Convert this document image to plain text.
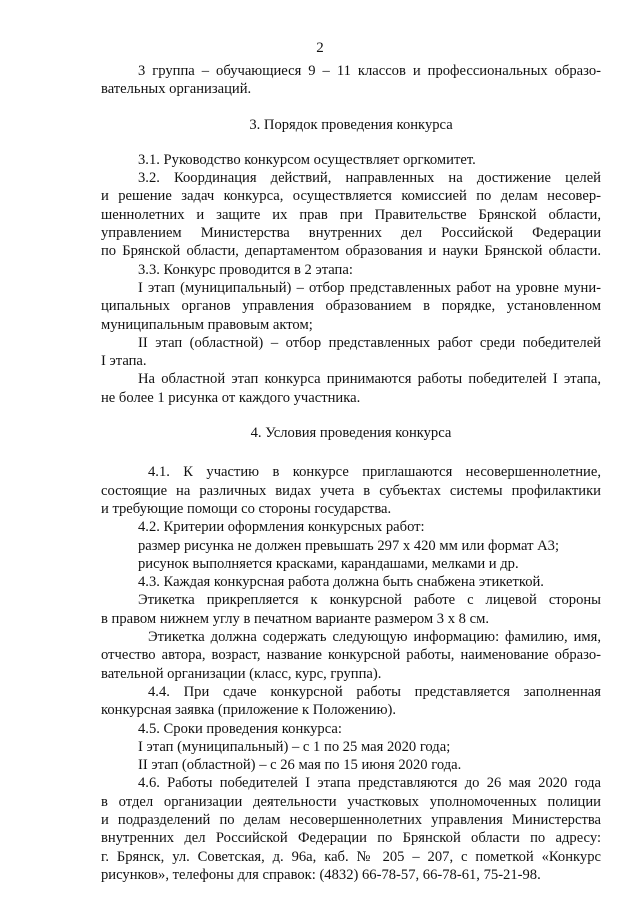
2

3 группа – обучающиеся 9 – 11 классов и профессиональных образо-

вательных организаций.

3. Порядок проведения конкурса

3.1. Руководство конкурсом осуществляет оргкомитет.

3.2. Координация действий, направленных на достижение целей

и решение задач конкурса, осуществляется комиссией по делам несовер-

шеннолетних и защите их прав при Правительстве Брянской области,

управлением Министерства внутренних дел Российской Федерации

по Брянской области, департаментом образования и науки Брянской области.

3.3. Конкурс проводится в 2 этапа:

I этап (муниципальный) – отбор представленных работ на уровне муни-

ципальных органов управления образованием в порядке, установленном

муниципальным правовым актом;

II этап (областной) – отбор представленных работ среди победителей

I этапа.

На областной этап конкурса принимаются работы победителей I этапа,

не более 1 рисунка от каждого участника.

4. Условия проведения конкурса

4.1. К участию в конкурсе приглашаются несовершеннолетние,

состоящие на различных видах учета в субъектах системы профилактики

и требующие помощи со стороны государства.

4.2. Критерии оформления конкурсных работ:

размер рисунка не должен превышать 297 х 420 мм или формат А3;

рисунок выполняется красками, карандашами, мелками и др.

4.3. Каждая конкурсная работа должна быть снабжена этикеткой.

Этикетка прикрепляется к конкурсной работе с лицевой стороны

в правом нижнем углу в печатном варианте размером 3 х 8 см.

Этикетка должна содержать следующую информацию: фамилию, имя,

отчество автора, возраст, название конкурсной работы, наименование образо-

вательной организации (класс, курс, группа).

4.4. При сдаче конкурсной работы представляется заполненная

конкурсная заявка (приложение к Положению).

4.5. Сроки проведения конкурса:

I этап (муниципальный) – с 1 по 25 мая 2020 года;

II этап (областной) – с 26 мая по 15 июня 2020 года.

4.6. Работы победителей I этапа представляются до 26 мая 2020 года

в отдел организации деятельности участковых уполномоченных полиции

и подразделений по делам несовершеннолетних управления Министерства

внутренних дел Российской Федерации по Брянской области по адресу:

г. Брянск, ул. Советская, д. 96а, каб. № 205 – 207, с пометкой «Конкурс

рисунков», телефоны для справок: (4832) 66-78-57, 66-78-61, 75-21-98.
